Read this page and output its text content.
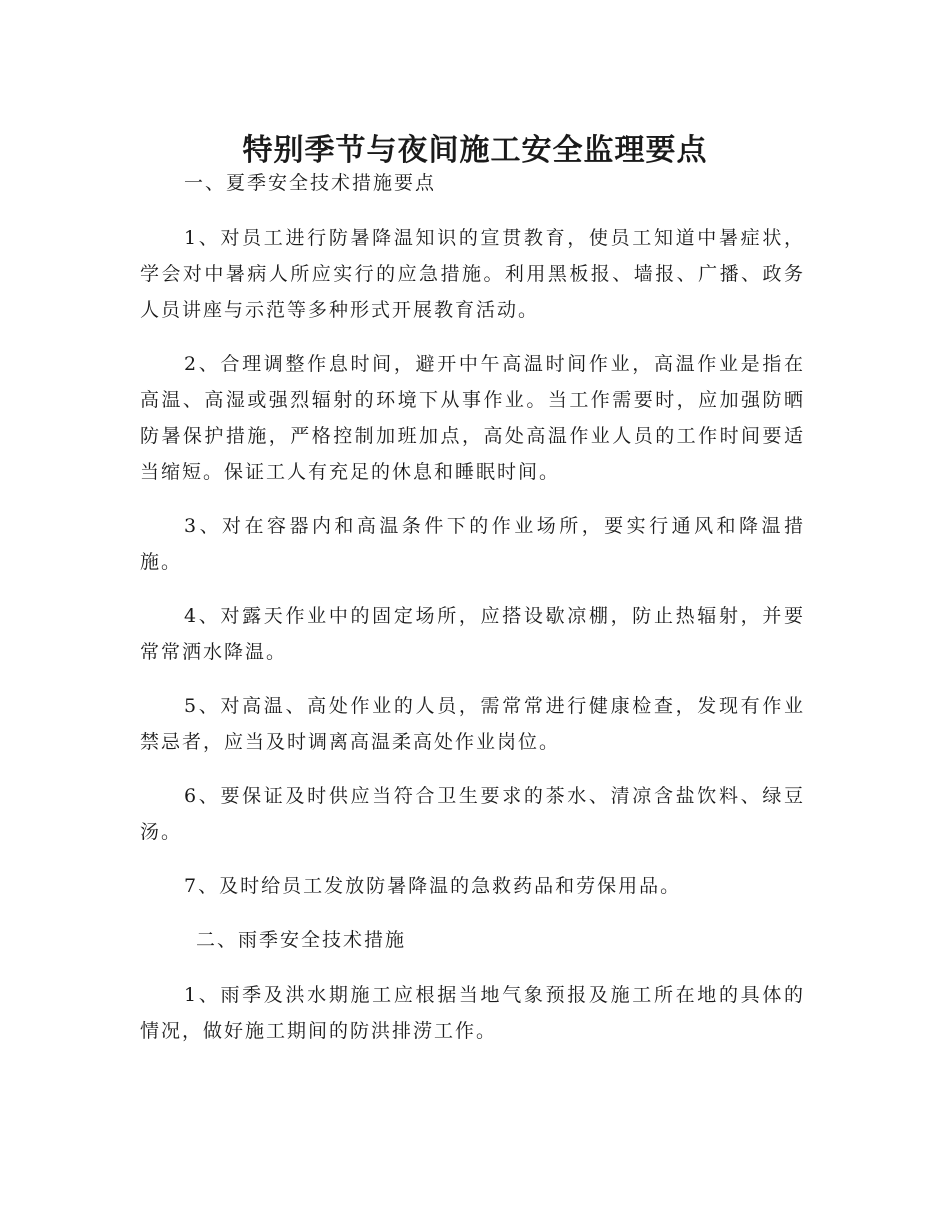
特别季节与夜间施工安全监理要点

一、夏季安全技术措施要点

1、对员工进行防暑降温知识的宣贯教育，使员工知道中暑症状，学会对中暑病人所应实行的应急措施。利用黑板报、墙报、广播、政务人员讲座与示范等多种形式开展教育活动。

2、合理调整作息时间，避开中午高温时间作业，高温作业是指在高温、高湿或强烈辐射的环境下从事作业。当工作需要时，应加强防晒防暑保护措施，严格控制加班加点，高处高温作业人员的工作时间要适当缩短。保证工人有充足的休息和睡眠时间。

3、对在容器内和高温条件下的作业场所，要实行通风和降温措施。

4、对露天作业中的固定场所，应搭设歇凉棚，防止热辐射，并要常常洒水降温。

5、对高温、高处作业的人员，需常常进行健康检查，发现有作业禁忌者，应当及时调离高温柔高处作业岗位。

6、要保证及时供应当符合卫生要求的茶水、清凉含盐饮料、绿豆汤。

7、及时给员工发放防暑降温的急救药品和劳保用品。

二、雨季安全技术措施

1、雨季及洪水期施工应根据当地气象预报及施工所在地的具体的情况，做好施工期间的防洪排涝工作。
